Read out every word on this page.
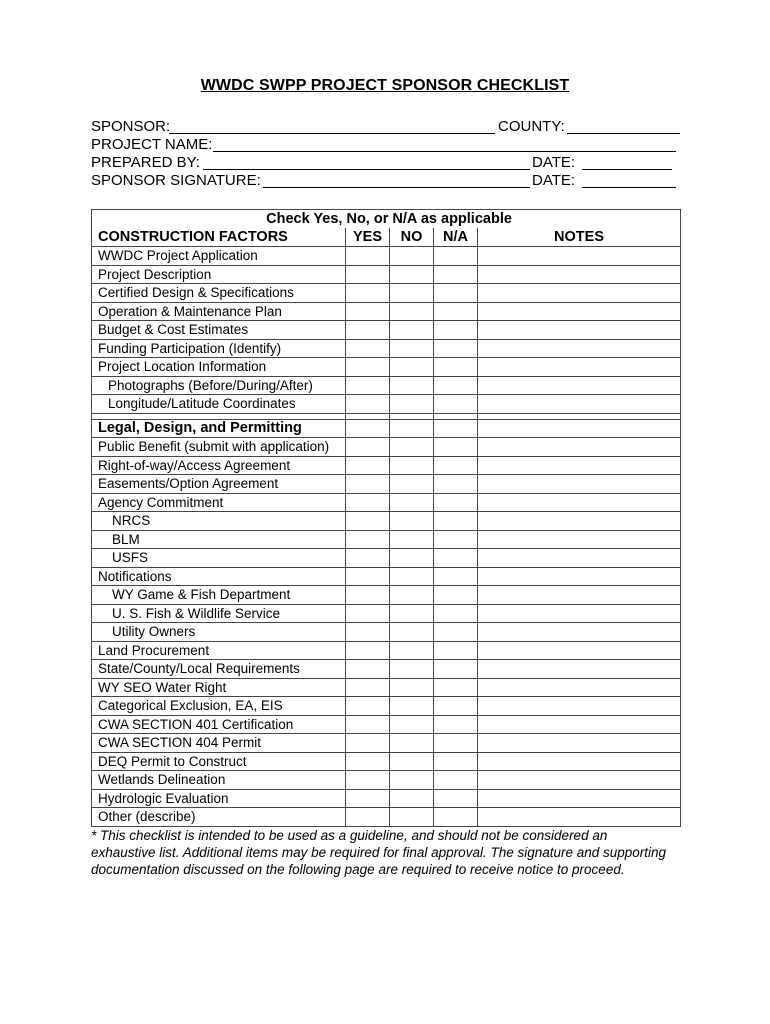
WWDC SWPP PROJECT SPONSOR CHECKLIST
SPONSOR:	COUNTY:
PROJECT NAME:
PREPARED BY:	DATE:
SPONSOR SIGNATURE:	DATE:
Check Yes, No, or N/A as applicable				
CONSTRUCTION FACTORS	YES	NO	N/A	NOTES
WWDC Project Application				
Project Description				
Certified Design & Specifications				
Operation & Maintenance Plan				
Budget & Cost Estimates				
Funding Participation (Identify)				
Project Location Information				
Photographs (Before/During/After)				
Longitude/Latitude Coordinates				

Legal, Design, and Permitting				
Public Benefit (submit with application)				
Right-of-way/Access Agreement				
Easements/Option Agreement				
Agency Commitment				
NRCS				
BLM				
USFS				
Notifications				
WY Game & Fish Department				
U. S. Fish & Wildlife Service				
Utility Owners				
Land Procurement				
State/County/Local Requirements				
WY SEO Water Right				
Categorical Exclusion, EA, EIS				
CWA SECTION 401 Certification				
CWA SECTION 404 Permit				
DEQ Permit to Construct				
Wetlands Delineation				
Hydrologic Evaluation				
Other (describe)				
* This checklist is intended to be used as a guideline, and should not be considered an exhaustive list. Additional items may be required for final approval. The signature and supporting documentation discussed on the following page are required to receive notice to proceed.
